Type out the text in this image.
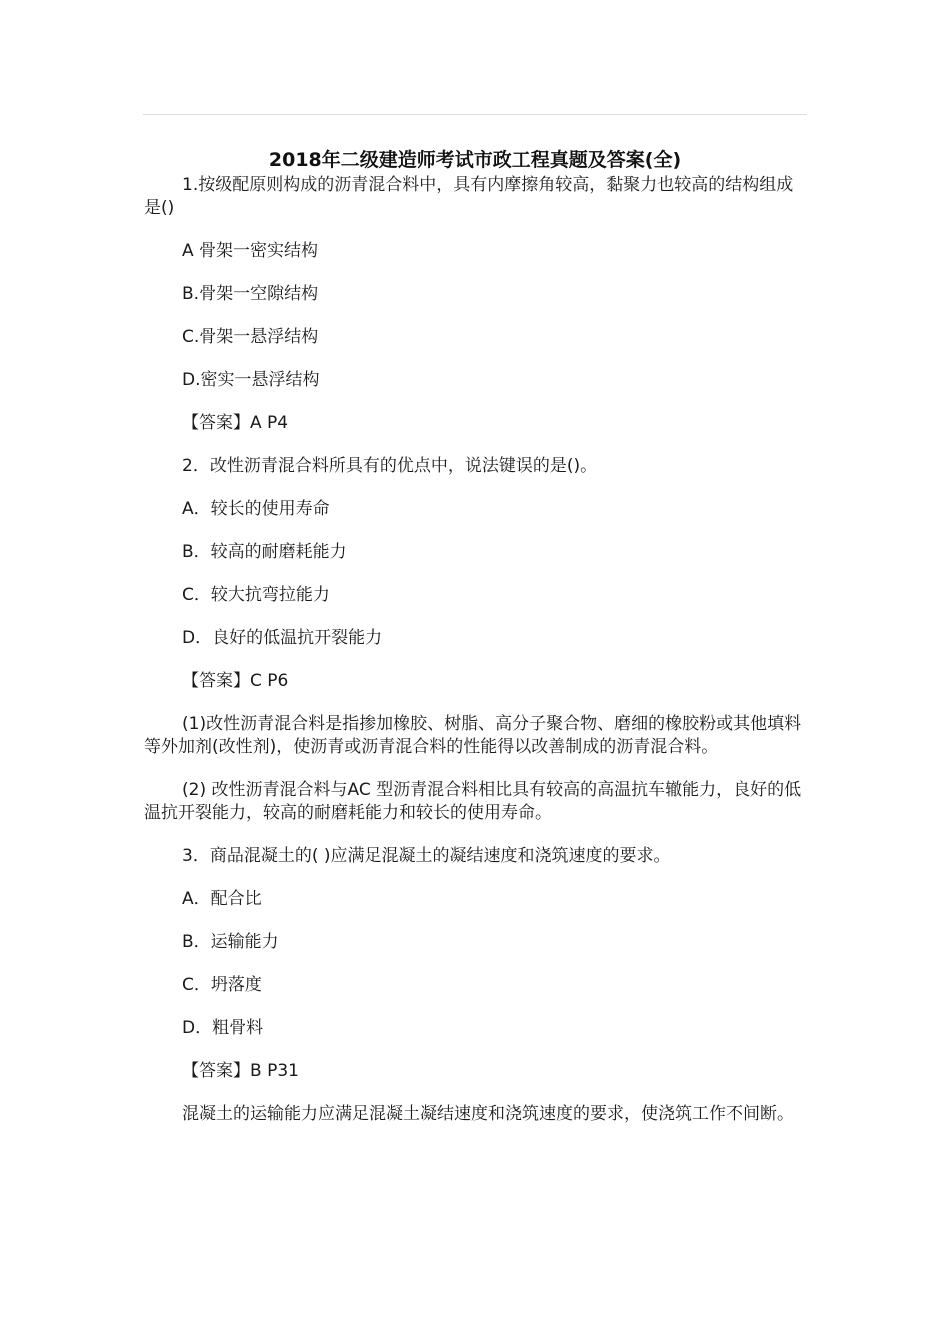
2018年二级建造师考试市政工程真题及答案(全)

1.按级配原则构成的沥青混合料中，具有内摩擦角较高，黏聚力也较高的结构组成是()

A 骨架一密实结构

B.骨架一空隙结构

C.骨架一悬浮结构

D.密实一悬浮结构

【答案】A P4

2．改性沥青混合料所具有的优点中，说法键误的是()。

A．较长的使用寿命

B．较高的耐磨耗能力

C．较大抗弯拉能力

D．良好的低温抗开裂能力

【答案】C P6

(1)改性沥青混合料是指掺加橡胶、树脂、高分子聚合物、磨细的橡胶粉或其他填料等外加剂(改性剂)，使沥青或沥青混合料的性能得以改善制成的沥青混合料。

(2) 改性沥青混合料与AC 型沥青混合料相比具有较高的高温抗车辙能力，良好的低温抗开裂能力，较高的耐磨耗能力和较长的使用寿命。

3．商品混凝土的( )应满足混凝土的凝结速度和浇筑速度的要求。

A．配合比

B．运输能力

C．坍落度

D．粗骨料

【答案】B P31

混凝土的运输能力应满足混凝土凝结速度和浇筑速度的要求，使浇筑工作不间断。
